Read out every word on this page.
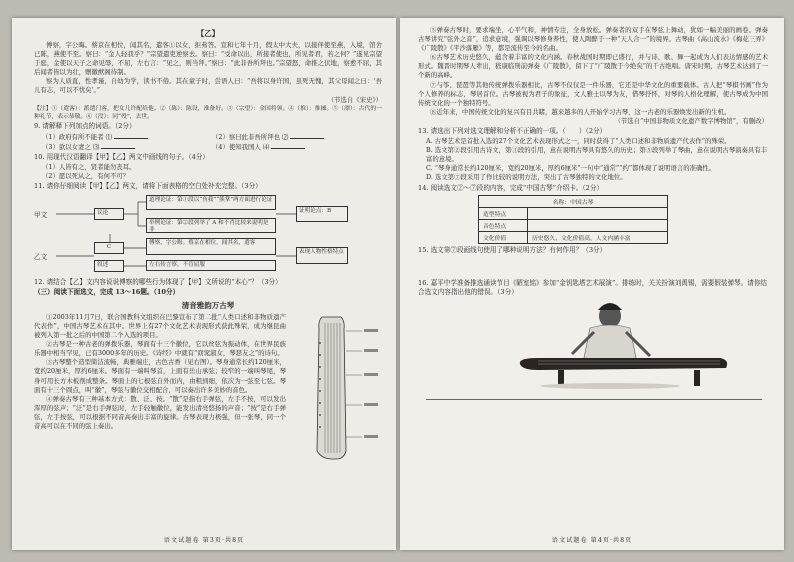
【乙】

傅察，字公晦。蔡京在相位，闻其名，遣客①以女，拒弗答。宣和七年十月，假太中大夫，以接伴使至燕，入境，馆舍已陈，燕使不至。察曰：“金人轻我乎？”宗望遣吏逆察去。察曰：“受命以出，所接者使也，所见者君，若之何？”遂见宗望于庭，金使以天子之命见辱，不屈，左右言：“见之，则当拜。”察曰：“此非吾所拜也。”宗望怒，命推之伏地，察愈不屈，其后闻者皆以为壮，赠徽猷阁待制。

察为人质直，性孝谨，自幼为学，读书不倦。其在童子时，尝语人曰：“吾将以身许国，虽死无愧，其父母闻之曰：‘吾儿有志，可以不忧矣’。”

（节选自《宋史》）

【注】①（遣客）：派遣门客，把女儿许配给他。②（陈）：陈设，准备好。③（宗望）：金国将领。④（推）：推搡。⑤（漂）：古代的一种礼节，表示恭敬。⑥（没）：同“殁”，去世。

9. 请解释下列加点的词语。（2分）

（1）政府有所不能者 ⑴	（2）察曰此非吾所拜也 ⑵
（3）欲以女妻之 ⑶	（4）使知我国人 ⑷

10. 用现代汉语翻译【甲】【乙】两文中画线的句子。（4分）

（1）人皆有之，贤者能勿丧耳。

（2）愿以死从之，有何不可？

11. 请你仔细阅读【甲】【乙】两文，请将下面表格的空白处补充完整。（3分）

甲文	议论
道理论证：第①段以“鱼我”“熊掌”两方面进行论证
举例论证：第②段列举了 A 和不肖比较来说明是非
证明论点：B
乙文
C
叙述
傅察，字公晦。蔡京在相位，闻其名，遣客
左右传言察，不肯屈服
表现人物性格特点

12. 请结合【乙】文内容说说傅察的哪些行为体现了【甲】文所说的“本心”？（3分）

（三）阅读下面选文，完成 13～16题。（10分）

清音雅韵万古琴

①2003年11月7日，联合国教科文组织在巴黎宣布了第二批“人类口述和非物质遗产代表作”，中国古琴艺术在其中。世界上有27个文化艺术表现形式获此殊荣，成为继昆曲被列入第一批之后的中国第二个入选的项目。

②古琴是一种古老的弹拨乐器，琴面有十三个徽位，它以丝弦为振动体，在世界民族乐器中相当罕见，已有3000多年的历史。《诗经》中就有“窈窕淑女，琴瑟友之”的诗句。

③古琴整个造型简洁流畅，典雅端庄，古色古香（见右图）。琴身通常长约120厘米，宽约20厘米，厚约6厘米。琴面有一端叫琴首，上面有岳山承弦；较窄的一端叫琴尾，琴身可用长方木板削成整条。琴面上的七根弦自外而内，由粗到细，依次为一弦至七弦。琴面有十三个圆点，叫“徽”，琴弦与徽位交相配合，可以奏出许多美妙的音色。

④弹奏古琴有三种基本方式：散、泛、按。“散”是指右手弹弦，左手不按，可以发出浑厚的弦声；“泛”是右手弹弦时，左手轻触徽位，能发出清亮悠扬的声音；“按”是右手弹弦，左手按弦，可以根据不同音高奏出丰富的旋律。古琴表现力极强，但一张琴，同一个音高可以在不同的弦上奏出。

语文试题卷 第3页·共8页

⑤弹奏古琴时，要求端坐，心平气和，神情专注，全身放松。弹奏者的双手在琴弦上舞动，犹如一幅美丽的画卷。弹奏古琴讲究“弦外之音”，追求意境，强调以琴修身养性，使人陶醉于一种“天人合一”的境界。古琴曲《高山流水》《梅花三弄》《广陵散》《平沙落雁》等，都是流传至今的名曲。

⑥古琴艺术历史悠久，蕴含着丰富的文化内涵。春秋战国时期即已盛行，并与诗、歌、舞一起成为人们表达情感的艺术形式。魏晋时期琴人辈出，嵇康临刑前弹奏《广陵散》，留下了“广陵散于今绝矣”的千古绝唱。唐宋时期，古琴艺术达到了一个新的高峰。

⑦与筝、琵琶等其他传统弹拨乐器相比，古琴不仅仅是一件乐器，它还是中华文化的重要载体。古人把“琴棋书画”作为个人修养的标志，琴居首位。古琴被视为君子的象征，文人雅士以琴为友，借琴抒怀，对琴的人格化理解，使古琴成为中国传统文化的一个独特符号。

⑧近年来，中国传统文化的复兴有目共睹，越来越多的人开始学习古琴，这一古老的乐器焕发出新的生机。

（节选自“中国非物质文化遗产数字博物馆”，有删改）

13. 请选出下列对选文理解和分析不正确的一项。（　　）（2分）

A. 古琴艺术是首批入选的27个文化艺术表现形式之一，同时获得了“人类口述和非物质遗产代表作”的殊荣。

B. 选文第②段引用古诗文，第③段的引用，意在说明古琴具有悠久的历史；第⑤段列举了琴曲，意在说明古琴演奏具有丰富的意境。

C. “琴身通常长约120厘米，宽约20厘米，厚约6厘米”一句中“通常”“约”都体现了说明语言的准确性。

D. 选文第⑦段采用了作比较的说明方法，突出了古琴独特的文化地位。

14. 阅读选文②～⑦段的内容，完成“中国古琴”介绍卡。（2分）

名称：中国古琴	
造型特点	
音色特点	
文化价值	历史悠久、文化价值高，人文内涵丰富

15. 选文第⑦段画线句使用了哪种说明方法？有何作用？（3分）

16. 嘉平中学准备推选诵读节目《陋室铭》参加“金钥匙塔艺术展演”。排练时，关关扮演刘禹锡，需要假装弹琴。请你结合选文内容指出他的错误。（3分）

语文试题卷 第4页·共8页
